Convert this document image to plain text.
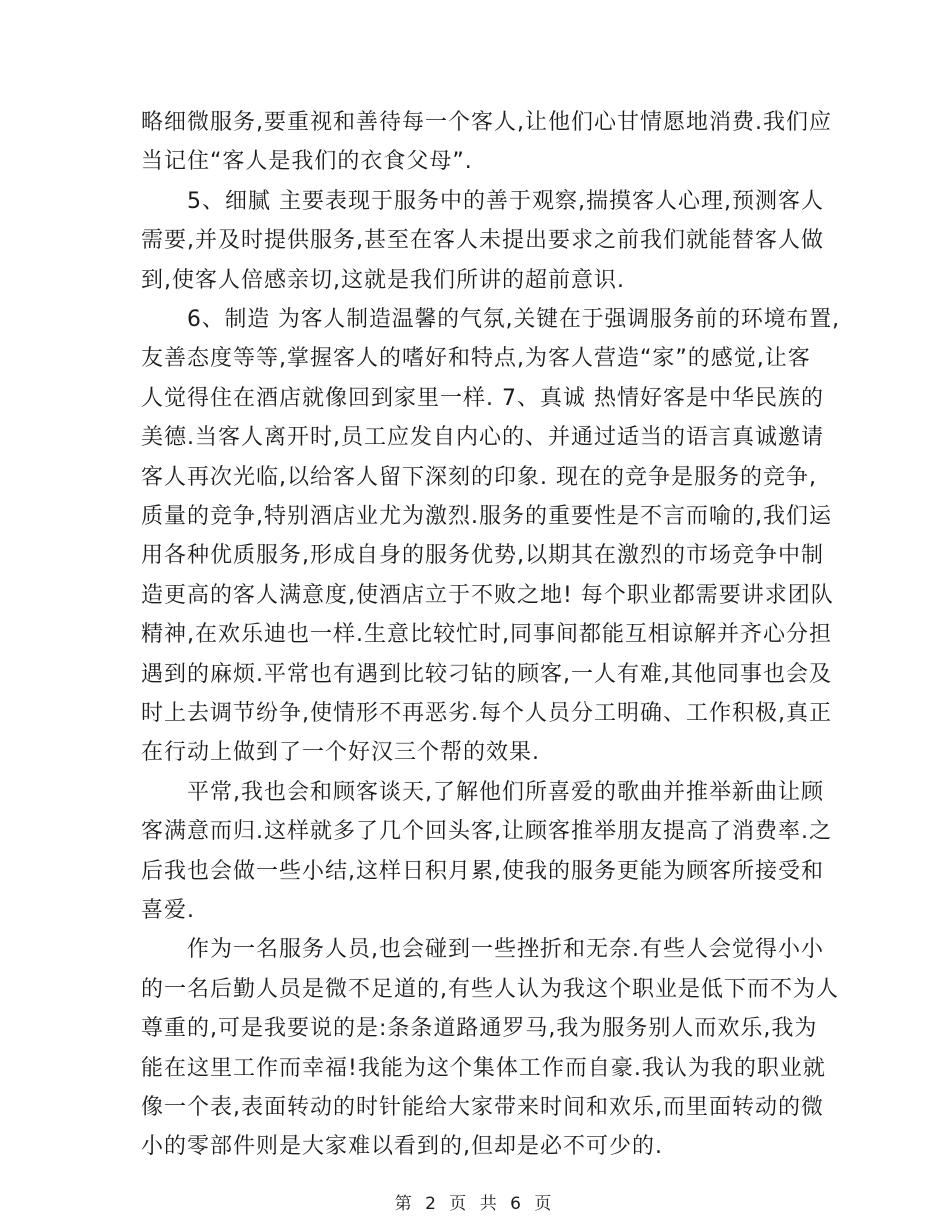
略细微服务,要重视和善待每一个客人,让他们心甘情愿地消费.我们应
当记住“客人是我们的衣食父母”.
5、细腻 主要表现于服务中的善于观察,揣摸客人心理,预测客人
需要,并及时提供服务,甚至在客人未提出要求之前我们就能替客人做
到,使客人倍感亲切,这就是我们所讲的超前意识.
6、制造 为客人制造温馨的气氛,关键在于强调服务前的环境布置,
友善态度等等,掌握客人的嗜好和特点,为客人营造“家”的感觉,让客
人觉得住在酒店就像回到家里一样. 7、真诚 热情好客是中华民族的
美德.当客人离开时,员工应发自内心的、并通过适当的语言真诚邀请
客人再次光临,以给客人留下深刻的印象. 现在的竞争是服务的竞争,
质量的竞争,特别酒店业尤为激烈.服务的重要性是不言而喻的,我们运
用各种优质服务,形成自身的服务优势,以期其在激烈的市场竞争中制
造更高的客人满意度,使酒店立于不败之地! 每个职业都需要讲求团队
精神,在欢乐迪也一样.生意比较忙时,同事间都能互相谅解并齐心分担
遇到的麻烦.平常也有遇到比较刁钻的顾客,一人有难,其他同事也会及
时上去调节纷争,使情形不再恶劣.每个人员分工明确、工作积极,真正
在行动上做到了一个好汉三个帮的效果.
平常,我也会和顾客谈天,了解他们所喜爱的歌曲并推举新曲让顾
客满意而归.这样就多了几个回头客,让顾客推举朋友提高了消费率.之
后我也会做一些小结,这样日积月累,使我的服务更能为顾客所接受和
喜爱.
作为一名服务人员,也会碰到一些挫折和无奈.有些人会觉得小小
的一名后勤人员是微不足道的,有些人认为我这个职业是低下而不为人
尊重的,可是我要说的是:条条道路通罗马,我为服务别人而欢乐,我为
能在这里工作而幸福!我能为这个集体工作而自豪.我认为我的职业就
像一个表,表面转动的时针能给大家带来时间和欢乐,而里面转动的微
小的零部件则是大家难以看到的,但却是必不可少的.
第 2 页 共 6 页
